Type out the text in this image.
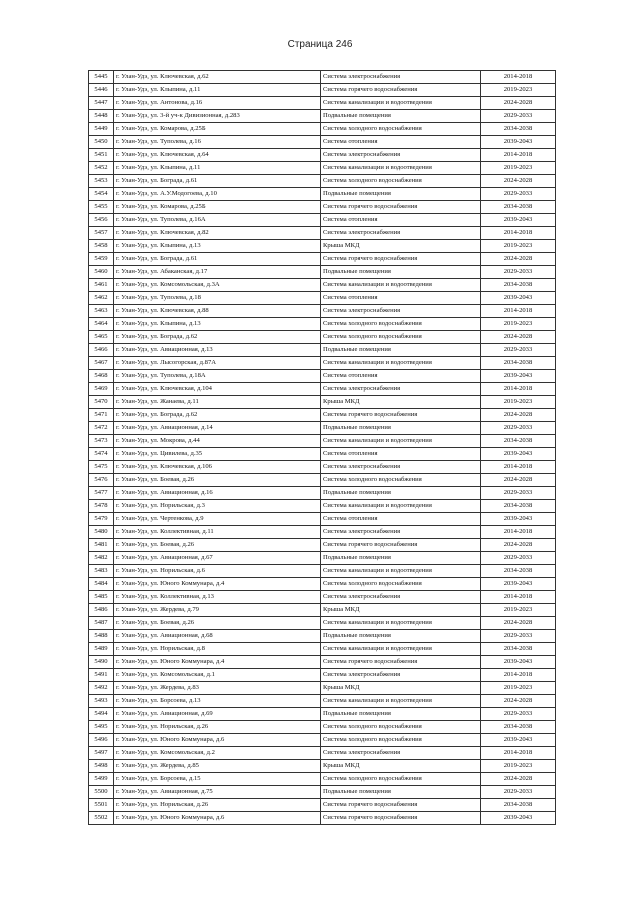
Страница 246
5445	г. Улан-Удэ, ул. Ключевская, д.62	Система электроснабжения	2014-2018
5446	г. Улан-Удэ, ул. Клыпина, д.11	Система горячего водоснабжения	2019-2023
5447	г. Улан-Удэ, ул. Антонова, д.16	Система канализации и водоотведения	2024-2028
5448	г. Улан-Удэ, ул. 3-й уч-к Дивизионная, д.283	Подвальные помещения	2029-2033
5449	г. Улан-Удэ, ул. Комарова, д.25Б	Система холодного водоснабжения	2034-2038
5450	г. Улан-Удэ, ул. Туполева, д.16	Система отопления	2039-2043
5451	г. Улан-Удэ, ул. Ключевская, д.64	Система электроснабжения	2014-2018
5452	г. Улан-Удэ, ул. Клыпина, д.11	Система канализации и водоотведения	2019-2023
5453	г. Улан-Удэ, ул. Бограда, д.61	Система холодного водоснабжения	2024-2028
5454	г. Улан-Удэ, ул. А.У.Модогоева, д.10	Подвальные помещения	2029-2033
5455	г. Улан-Удэ, ул. Комарова, д.25Б	Система горячего водоснабжения	2034-2038
5456	г. Улан-Удэ, ул. Туполева, д.16А	Система отопления	2039-2043
5457	г. Улан-Удэ, ул. Ключевская, д.82	Система электроснабжения	2014-2018
5458	г. Улан-Удэ, ул. Клыпина, д.13	Крыша МКД	2019-2023
5459	г. Улан-Удэ, ул. Бограда, д.61	Система горячего водоснабжения	2024-2028
5460	г. Улан-Удэ, ул. Абаканская, д.17	Подвальные помещения	2029-2033
5461	г. Улан-Удэ, ул. Комсомольская, д.3А	Система канализации и водоотведения	2034-2038
5462	г. Улан-Удэ, ул. Туполева, д.18	Система отопления	2039-2043
5463	г. Улан-Удэ, ул. Ключевская, д.88	Система электроснабжения	2014-2018
5464	г. Улан-Удэ, ул. Клыпина, д.13	Система холодного водоснабжения	2019-2023
5465	г. Улан-Удэ, ул. Бограда, д.62	Система холодного водоснабжения	2024-2028
5466	г. Улан-Удэ, ул. Авиационная, д.13	Подвальные помещения	2029-2033
5467	г. Улан-Удэ, ул. Лысогорская, д.87А	Система канализации и водоотведения	2034-2038
5468	г. Улан-Удэ, ул. Туполева, д.18А	Система отопления	2039-2043
5469	г. Улан-Удэ, ул. Ключевская, д.104	Система электроснабжения	2014-2018
5470	г. Улан-Удэ, ул. Жанаева, д.11	Крыша МКД	2019-2023
5471	г. Улан-Удэ, ул. Бограда, д.62	Система горячего водоснабжения	2024-2028
5472	г. Улан-Удэ, ул. Авиационная, д.14	Подвальные помещения	2029-2033
5473	г. Улан-Удэ, ул. Мокрова, д.44	Система канализации и водоотведения	2034-2038
5474	г. Улан-Удэ, ул. Цивилева, д.35	Система отопления	2039-2043
5475	г. Улан-Удэ, ул. Ключевская, д.106	Система электроснабжения	2014-2018
5476	г. Улан-Удэ, ул. Боевая, д.26	Система холодного водоснабжения	2024-2028
5477	г. Улан-Удэ, ул. Авиационная, д.16	Подвальные помещения	2029-2033
5478	г. Улан-Удэ, ул. Норильская, д.3	Система канализации и водоотведения	2034-2038
5479	г. Улан-Удэ, ул. Чертенкова, д.9	Система отопления	2039-2043
5480	г. Улан-Удэ, ул. Коллективная, д.11	Система электроснабжения	2014-2018
5481	г. Улан-Удэ, ул. Боевая, д.26	Система горячего водоснабжения	2024-2028
5482	г. Улан-Удэ, ул. Авиационная, д.67	Подвальные помещения	2029-2033
5483	г. Улан-Удэ, ул. Норильская, д.6	Система канализации и водоотведения	2034-2038
5484	г. Улан-Удэ, ул. Юного Коммунара, д.4	Система холодного водоснабжения	2039-2043
5485	г. Улан-Удэ, ул. Коллективная, д.13	Система электроснабжения	2014-2018
5486	г. Улан-Удэ, ул. Жердева, д.79	Крыша МКД	2019-2023
5487	г. Улан-Удэ, ул. Боевая, д.26	Система канализации и водоотведения	2024-2028
5488	г. Улан-Удэ, ул. Авиационная, д.68	Подвальные помещения	2029-2033
5489	г. Улан-Удэ, ул. Норильская, д.8	Система канализации и водоотведения	2034-2038
5490	г. Улан-Удэ, ул. Юного Коммунара, д.4	Система горячего водоснабжения	2039-2043
5491	г. Улан-Удэ, ул. Комсомольская, д.1	Система электроснабжения	2014-2018
5492	г. Улан-Удэ, ул. Жердева, д.83	Крыша МКД	2019-2023
5493	г. Улан-Удэ, ул. Борсоева, д.13	Система канализации и водоотведения	2024-2028
5494	г. Улан-Удэ, ул. Авиационная, д.69	Подвальные помещения	2029-2033
5495	г. Улан-Удэ, ул. Норильская, д.26	Система холодного водоснабжения	2034-2038
5496	г. Улан-Удэ, ул. Юного Коммунара, д.6	Система холодного водоснабжения	2039-2043
5497	г. Улан-Удэ, ул. Комсомольская, д.2	Система электроснабжения	2014-2018
5498	г. Улан-Удэ, ул. Жердева, д.85	Крыша МКД	2019-2023
5499	г. Улан-Удэ, ул. Борсоева, д.15	Система холодного водоснабжения	2024-2028
5500	г. Улан-Удэ, ул. Авиационная, д.75	Подвальные помещения	2029-2033
5501	г. Улан-Удэ, ул. Норильская, д.26	Система горячего водоснабжения	2034-2038
5502	г. Улан-Удэ, ул. Юного Коммунара, д.6	Система горячего водоснабжения	2039-2043
